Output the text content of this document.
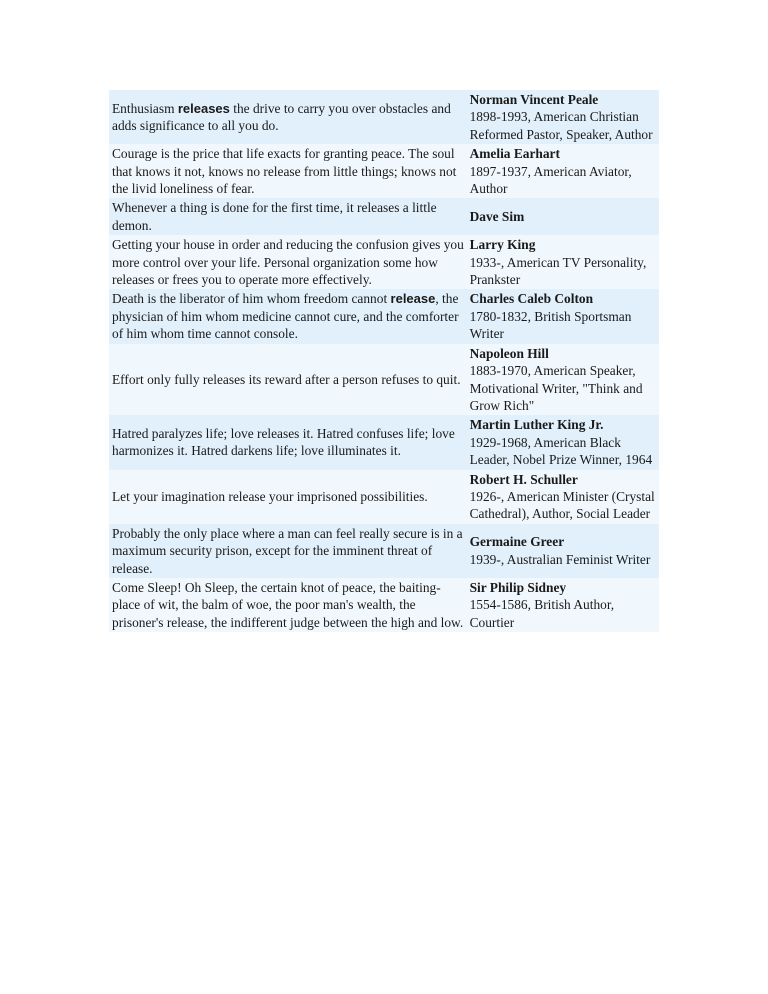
Enthusiasm releases the drive to carry you over obstacles and adds significance to all you do.	Norman Vincent Peale
1898-1993, American Christian Reformed Pastor, Speaker, Author

Courage is the price that life exacts for granting peace. The soul that knows it not, knows no release from little things; knows not the livid loneliness of fear.	Amelia Earhart
1897-1937, American Aviator, Author

Whenever a thing is done for the first time, it releases a little demon.	Dave Sim

Getting your house in order and reducing the confusion gives you more control over your life. Personal organization some how releases or frees you to operate more effectively.	Larry King
1933-, American TV Personality, Prankster

Death is the liberator of him whom freedom cannot release, the physician of him whom medicine cannot cure, and the comforter of him whom time cannot console.	Charles Caleb Colton
1780-1832, British Sportsman Writer

Effort only fully releases its reward after a person refuses to quit.	Napoleon Hill
1883-1970, American Speaker, Motivational Writer, "Think and Grow Rich"

Hatred paralyzes life; love releases it. Hatred confuses life; love harmonizes it. Hatred darkens life; love illuminates it.	Martin Luther King Jr.
1929-1968, American Black Leader, Nobel Prize Winner, 1964

Let your imagination release your imprisoned possibilities.	Robert H. Schuller
1926-, American Minister (Crystal Cathedral), Author, Social Leader

Probably the only place where a man can feel really secure is in a maximum security prison, except for the imminent threat of release.	Germaine Greer
1939-, Australian Feminist Writer

Come Sleep! Oh Sleep, the certain knot of peace, the baiting-place of wit, the balm of woe, the poor man's wealth, the prisoner's release, the indifferent judge between the high and low.	Sir Philip Sidney
1554-1586, British Author, Courtier
